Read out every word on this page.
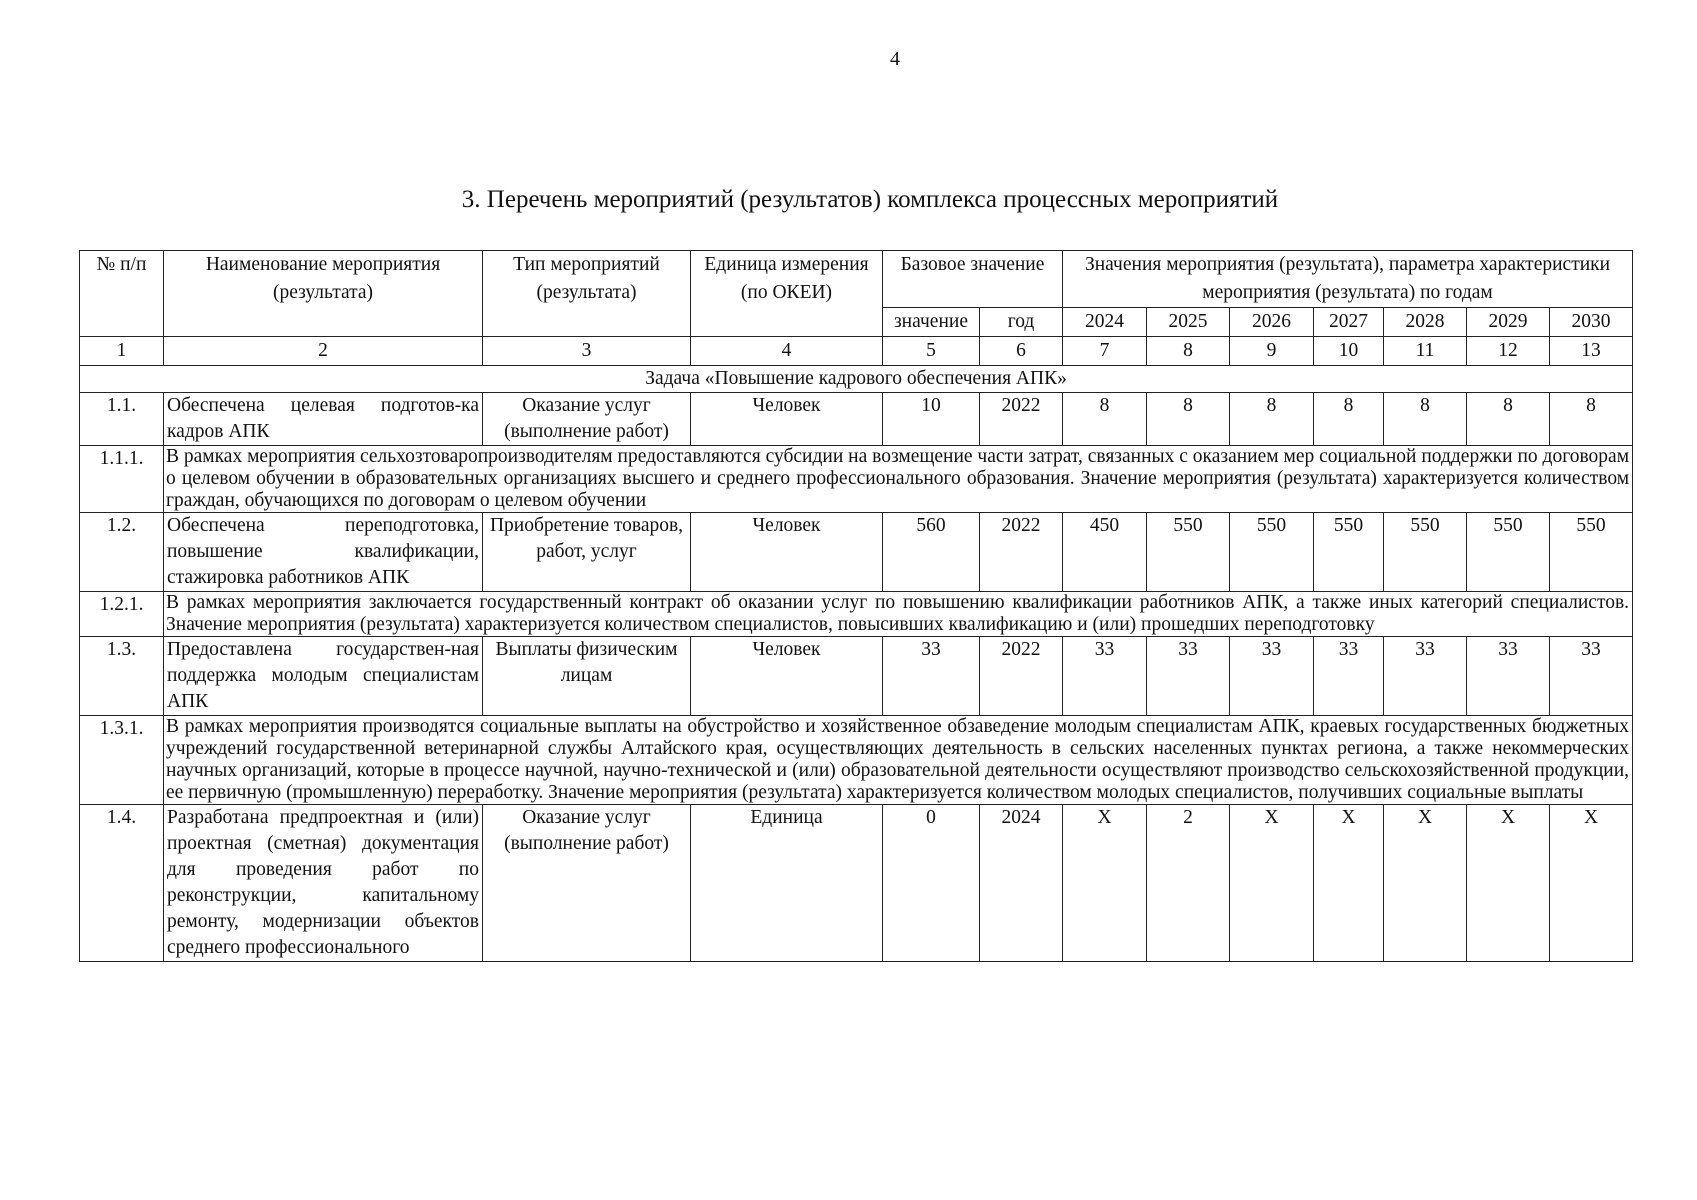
4
3. Перечень мероприятий (результатов) комплекса процессных мероприятий
№ п/п	Наименование мероприятия (результата)	Тип мероприятий (результата)	Единица измерения (по ОКЕИ)	Базовое значение		Значения мероприятия (результата), параметра характеристики мероприятия (результата) по годам						
				значение	год	2024	2025	2026	2027	2028	2029	2030
1	2	3	4	5	6	7	8	9	10	11	12	13
Задача «Повышение кадрового обеспечения АПК»												
1.1.	Обеспечена целевая подготов-ка кадров АПК	Оказание услуг (выполнение работ)	Человек	10	2022	8	8	8	8	8	8	8
1.1.1.	В рамках мероприятия сельхозтоваропроизводителям предоставляются субсидии на возмещение части затрат, связанных с оказанием мер социальной поддержки по договорам о целевом обучении в образовательных организациях высшего и среднего профессионального образования. Значение мероприятия (результата) характеризуется количеством граждан, обучающихся по договорам о целевом обучении											
1.2.	Обеспечена переподготовка, повышение квалификации, стажировка работников АПК	Приобретение товаров, работ, услуг	Человек	560	2022	450	550	550	550	550	550	550
1.2.1.	В рамках мероприятия заключается государственный контракт об оказании услуг по повышению квалификации работников АПК, а также иных категорий специалистов. Значение мероприятия (результата) характеризуется количеством специалистов, повысивших квалификацию и (или) прошедших переподготовку											
1.3.	Предоставлена государствен-ная поддержка молодым специалистам АПК	Выплаты физическим лицам	Человек	33	2022	33	33	33	33	33	33	33
1.3.1.	В рамках мероприятия производятся социальные выплаты на обустройство и хозяйственное обзаведение молодым специалистам АПК, краевых государственных бюджетных учреждений государственной ветеринарной службы Алтайского края, осуществляющих деятельность в сельских населенных пунктах региона, а также некоммерческих научных организаций, которые в процессе научной, научно-технической и (или) образовательной деятельности осуществляют производство сельскохозяйственной продукции, ее первичную (промышленную) переработку. Значение мероприятия (результата) характеризуется количеством молодых специалистов, получивших социальные выплаты											
1.4.	Разработана предпроектная и (или) проектная (сметная) документация для проведения работ по реконструкции, капитальному ремонту, модернизации объектов среднего профессионального	Оказание услуг (выполнение работ)	Единица	0	2024	X	2	X	X	X	X	X
